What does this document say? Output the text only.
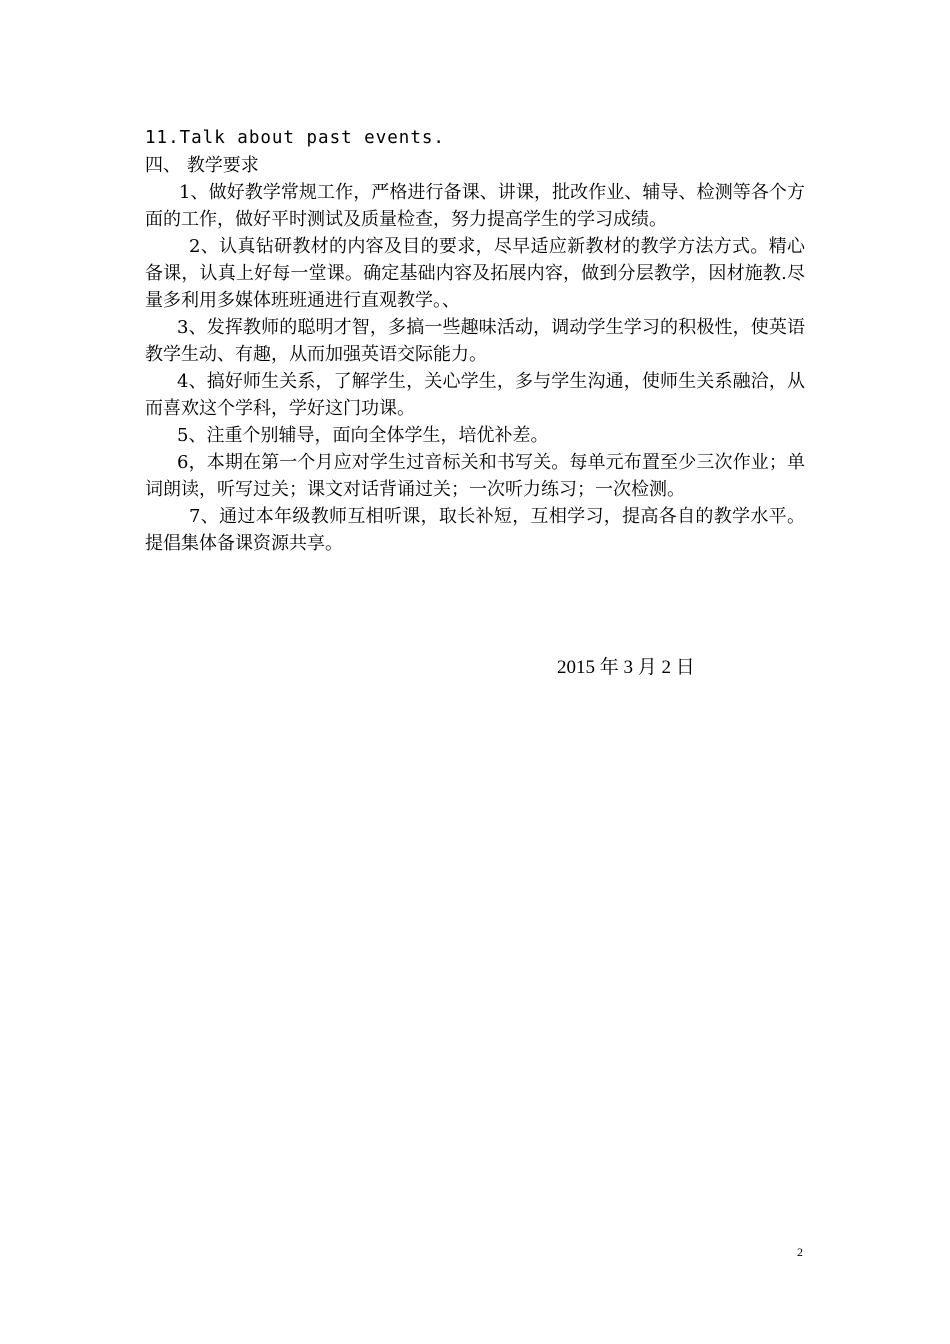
11.Talk about past events.
四、 教学要求

1、做好教学常规工作，严格进行备课、讲课，批改作业、辅导、检测等各个方面的工作，做好平时测试及质量检查，努力提高学生的学习成绩。

2、认真钻研教材的内容及目的要求，尽早适应新教材的教学方法方式。精心备课，认真上好每一堂课。确定基础内容及拓展内容，做到分层教学，因材施教.尽量多利用多媒体班班通进行直观教学。、

3、发挥教师的聪明才智，多搞一些趣味活动，调动学生学习的积极性，使英语教学生动、有趣，从而加强英语交际能力。

4、搞好师生关系，了解学生，关心学生，多与学生沟通，使师生关系融洽，从而喜欢这个学科，学好这门功课。

5、注重个别辅导，面向全体学生，培优补差。

6，本期在第一个月应对学生过音标关和书写关。每单元布置至少三次作业；单词朗读，听写过关；课文对话背诵过关；一次听力练习；一次检测。

7、通过本年级教师互相听课，取长补短，互相学习，提高各自的教学水平。提倡集体备课资源共享。

2015 年 3 月 2 日
2
